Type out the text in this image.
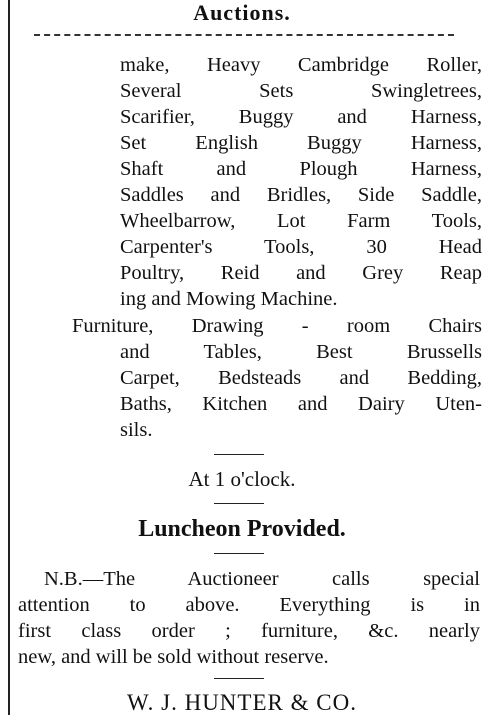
Auctions.
make, Heavy Cambridge Roller,
Several Sets Swingletrees,
Scarifier, Buggy and Harness,
Set English Buggy Harness,
Shaft and Plough Harness,
Saddles and Bridles, Side Saddle,
Wheelbarrow, Lot Farm Tools,
Carpenter's Tools, 30 Head
Poultry, Reid and Grey Reap
ing and Mowing Machine.
Furniture, Drawing - room Chairs
and Tables, Best Brussells
Carpet, Bedsteads and Bedding,
Baths, Kitchen and Dairy Uten-
sils.
At 1 o'clock.
Luncheon Provided.
N.B.—The Auctioneer calls special
attention to above. Everything is in
first class order ; furniture, &c. nearly
new, and will be sold without reserve.
W. J. HUNTER & CO.
